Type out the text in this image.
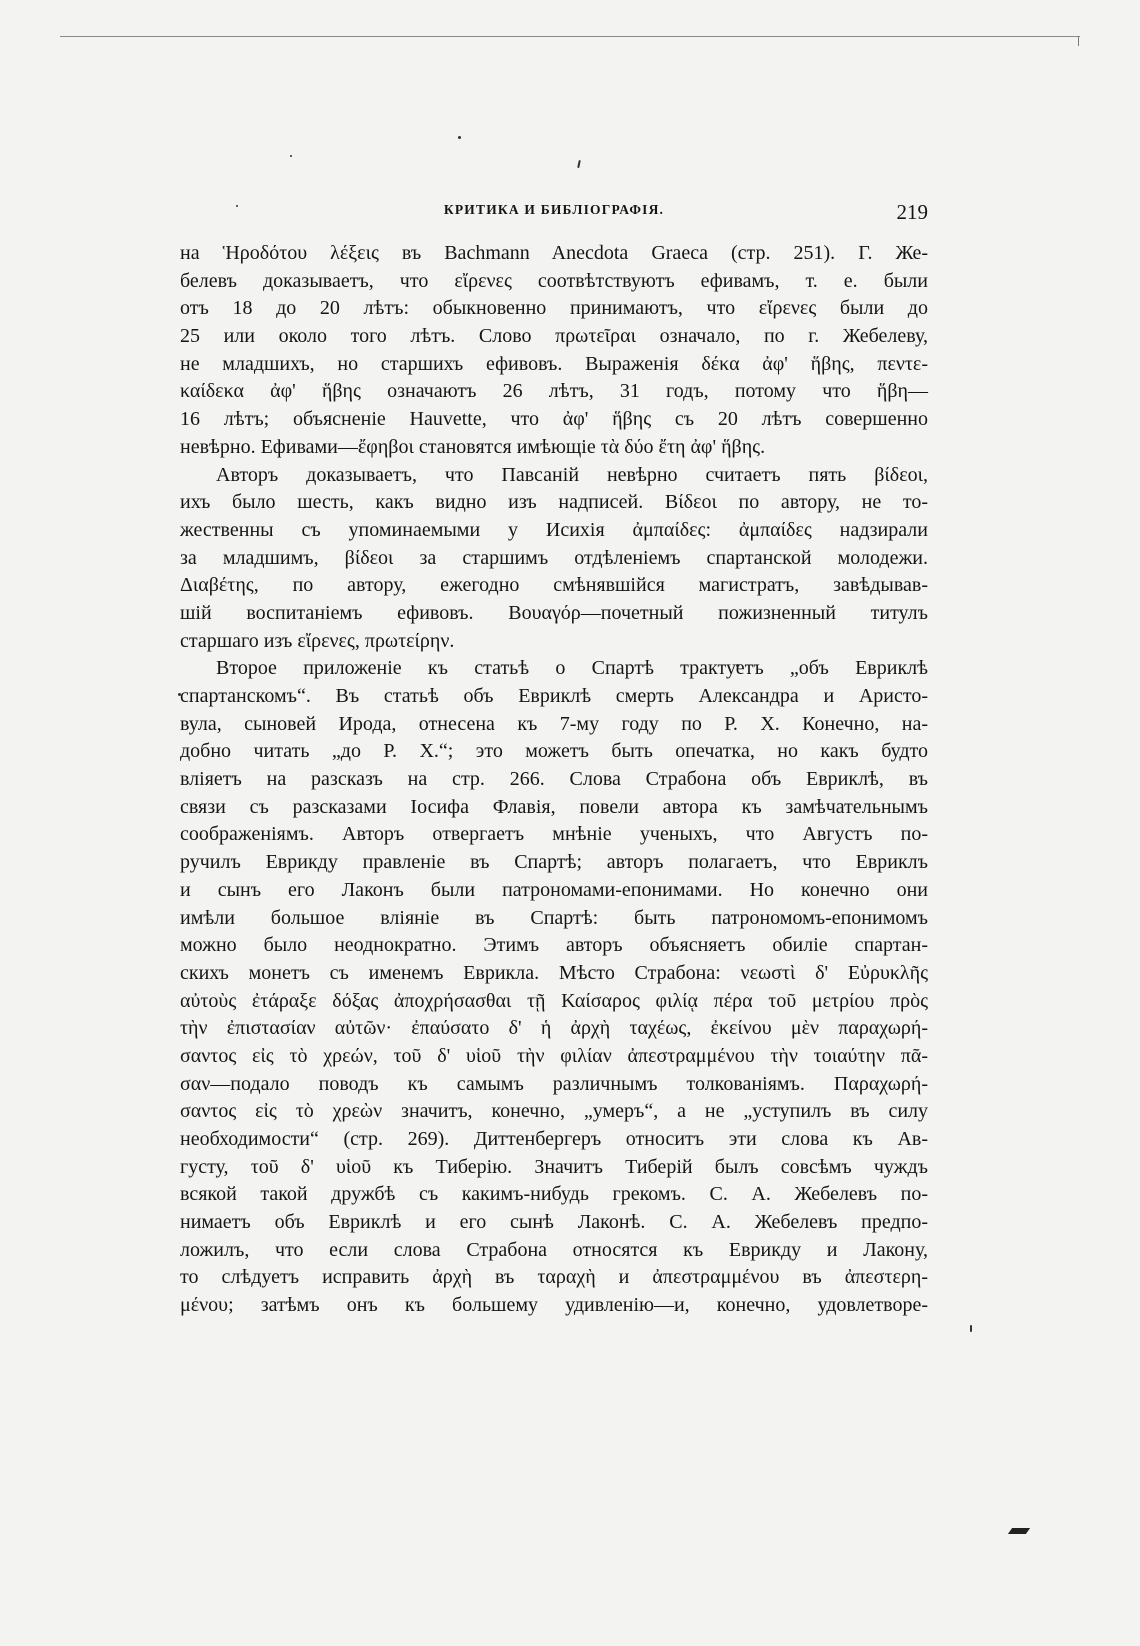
КРИТИКА И БИБЛІОГРАФІЯ.	219
на Ἡροδότου λέξεις въ Bachmann Anecdota Graeca (стр. 251). Г. Же-
белевъ доказываетъ, что εἴρενες соотвѣтствуютъ ефивамъ, т. е. были
отъ 18 до 20 лѣтъ: обыкновенно принимаютъ, что εἴρενες были до
25 или около того лѣтъ. Слово πρωτεῖραι означало, по г. Жебелеву,
не младшихъ, но старшихъ ефивовъ. Выраженія δέκα ἀφ' ἥβης, πεντε-
καίδεκα ἀφ' ἥβης означаютъ 26 лѣтъ, 31 годъ, потому что ἥβη—
16 лѣтъ; объясненіе Hauvette, что ἀφ' ἥβης съ 20 лѣтъ совершенно
невѣрно. Ефивами—ἔφηβοι становятся имѣющіе τὰ δύο ἔτη ἀφ' ἥβης.
Авторъ доказываетъ, что Павсаній невѣрно считаетъ пять βίδεοι,
ихъ было шесть, какъ видно изъ надписей. Βίδεοι по автору, не то-
жественны съ упоминаемыми у Исихія ἀμπαίδες: ἀμπαίδες надзирали
за младшимъ, βίδεοι за старшимъ отдѣленіемъ спартанской молодежи.
Διαβέτης, по автору, ежегодно смѣнявшійся магистратъ, завѣдывав-
шій воспитаніемъ ефивовъ. Βουαγόρ—почетный пожизненный титулъ
старшаго изъ εἴρενες, πρωτείρην.
Второе приложеніе къ статьѣ о Спартѣ трактуетъ „объ Евриклѣ
спартанскомъ“. Въ статьѣ объ Евриклѣ смерть Александра и Аристо-
вула, сыновей Ирода, отнесена къ 7-му году по Р. Х. Конечно, на-
добно читать „до Р. Х.“; это можетъ быть опечатка, но какъ будто
вліяетъ на разсказъ на стр. 266. Слова Страбона объ Евриклѣ, въ
связи съ разсказами Іосифа Флавія, повели автора къ замѣчательнымъ
соображеніямъ. Авторъ отвергаетъ мнѣніе ученыхъ, что Августъ по-
ручилъ Еврикду правленіе въ Спартѣ; авторъ полагаетъ, что Евриклъ
и сынъ его Лаконъ были патрономами-епонимами. Но конечно они
имѣли большое вліяніе въ Спартѣ: быть патрономомъ-епонимомъ
можно было неоднократно. Этимъ авторъ объясняетъ обиліе спартан-
скихъ монетъ съ именемъ Еврикла. Мѣсто Страбона: νεωστὶ δ' Εὐρυκλῆς
αὐτοὺς ἐτάραξε δόξας ἀποχρήσασθαι τῇ Καίσαρος φιλίᾳ πέρα τοῦ μετρίου πρὸς
τὴν ἐπιστασίαν αὐτῶν· ἐπαύσατο δ' ἡ ἀρχὴ ταχέως, ἐκείνου μὲν παραχωρή-
σαντος εἰς τὸ χρεών, τοῦ δ' υἱοῦ τὴν φιλίαν ἀπεστραμμένου τὴν τοιαύτην πᾶ-
σαν—подало поводъ къ самымъ различнымъ толкованіямъ. Παραχωρή-
σαντος εἰς τὸ χρεὼν значитъ, конечно, „умеръ“, а не „уступилъ въ силу
необходимости“ (стр. 269). Диттенбергеръ относитъ эти слова къ Ав-
густу, τοῦ δ' υἱοῦ къ Тиберію. Значитъ Тиберій былъ совсѣмъ чуждъ
всякой такой дружбѣ съ какимъ-нибудь грекомъ. С. А. Жебелевъ по-
нимаетъ объ Евриклѣ и его сынѣ Лаконѣ. С. А. Жебелевъ предпо-
ложилъ, что если слова Страбона относятся къ Еврикду и Лакону,
то слѣдуетъ исправить ἀρχὴ въ ταραχὴ и ἀπεστραμμένου въ ἀπεστερη-
μένου; затѣмъ онъ къ большему удивленію—и, конечно, удовлетворе-
